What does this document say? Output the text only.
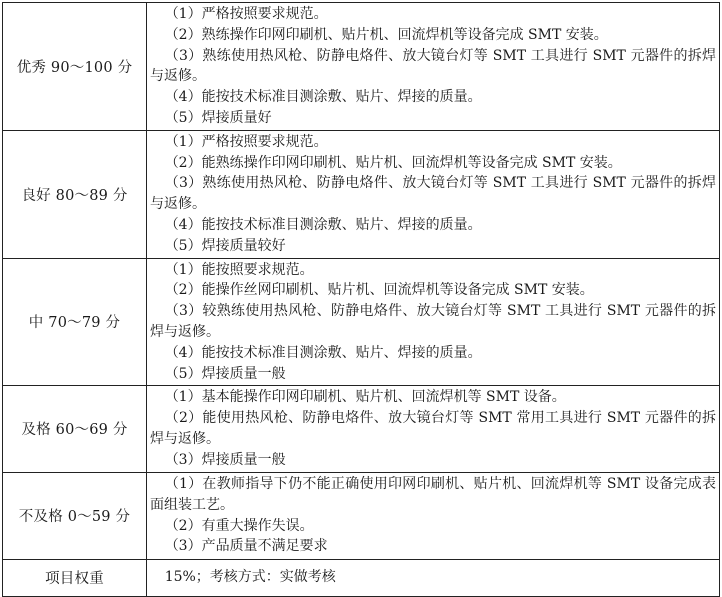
优秀 90～100 分	（1）严格按照要求规范。
（2）熟练操作印网印刷机、贴片机、回流焊机等设备完成 SMT 安装。
（3）熟练使用热风枪、防静电烙件、放大镜台灯等 SMT 工具进行 SMT 元器件的拆焊与返修。
（4）能按技术标准目测涂敷、贴片、焊接的质量。
（5）焊接质量好

良好 80～89 分	（1）严格按照要求规范。
（2）能熟练操作印网印刷机、贴片机、回流焊机等设备完成 SMT 安装。
（3）熟练使用热风枪、防静电烙件、放大镜台灯等 SMT 工具进行 SMT 元器件的拆焊与返修。
（4）能按技术标准目测涂敷、贴片、焊接的质量。
（5）焊接质量较好

中 70～79 分	（1）能按照要求规范。
（2）能操作丝网印刷机、贴片机、回流焊机等设备完成 SMT 安装。
（3）较熟练使用热风枪、防静电烙件、放大镜台灯等 SMT 工具进行 SMT 元器件的拆焊与返修。
（4）能按技术标准目测涂敷、贴片、焊接的质量。
（5）焊接质量一般

及格 60～69 分	（1）基本能操作印网印刷机、贴片机、回流焊机等 SMT 设备。
（2）能使用热风枪、防静电烙件、放大镜台灯等 SMT 常用工具进行 SMT 元器件的拆焊与返修。
（3）焊接质量一般

不及格 0～59 分	（1）在教师指导下仍不能正确使用印网印刷机、贴片机、回流焊机等 SMT 设备完成表面组装工艺。
（2）有重大操作失误。
（3）产品质量不满足要求

项目权重	15%；考核方式：实做考核
